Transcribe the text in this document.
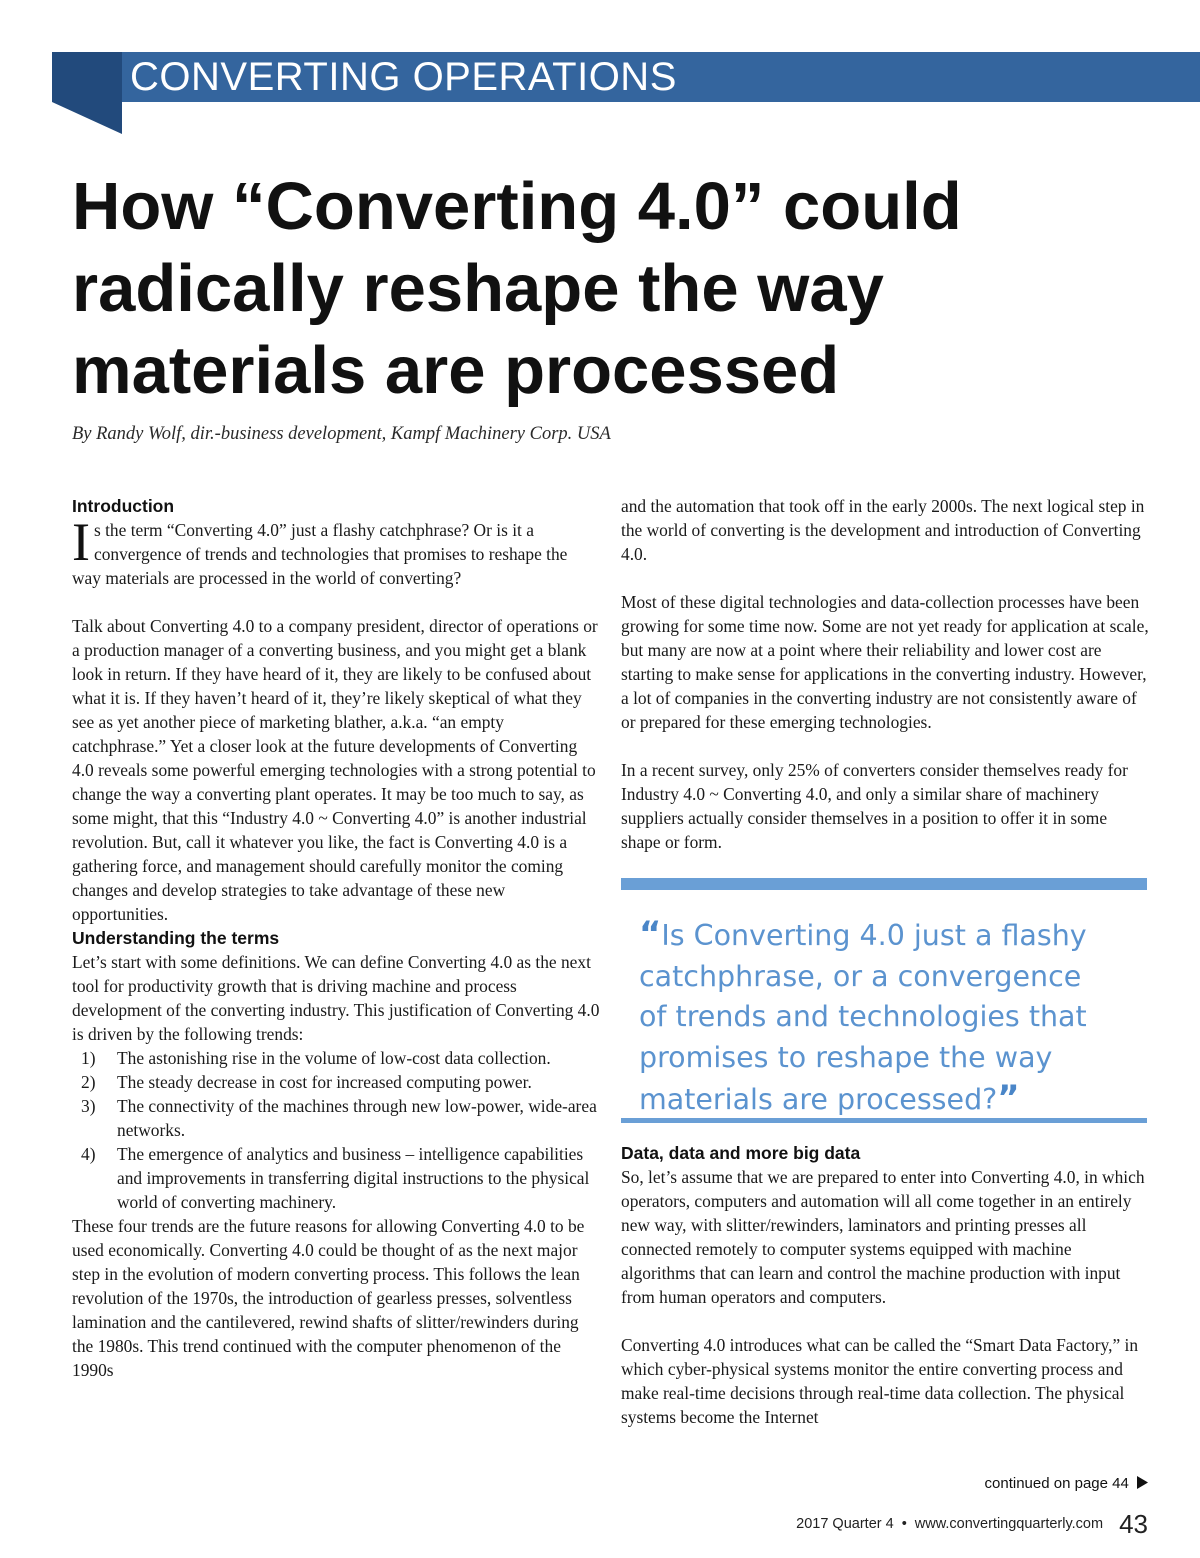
CONVERTING OPERATIONS
How “Converting 4.0” could radically reshape the way materials are processed

By Randy Wolf, dir.-business development, Kampf Machinery Corp. USA

Introduction

Is the term “Converting 4.0” just a flashy catchphrase? Or is it a convergence of trends and technologies that promises to reshape the way materials are processed in the world of converting?

Talk about Converting 4.0 to a company president, director of operations or a production manager of a converting business, and you might get a blank look in return. If they have heard of it, they are likely to be confused about what it is. If they haven’t heard of it, they’re likely skeptical of what they see as yet another piece of marketing blather, a.k.a. “an empty catchphrase.” Yet a closer look at the future developments of Converting 4.0 reveals some powerful emerging technologies with a strong potential to change the way a converting plant operates. It may be too much to say, as some might, that this “Industry 4.0 ~ Converting 4.0” is another industrial revolution. But, call it whatever you like, the fact is Converting 4.0 is a gathering force, and management should carefully monitor the coming changes and develop strategies to take advantage of these new opportunities.

Understanding the terms

Let’s start with some definitions. We can define Converting 4.0 as the next tool for productivity growth that is driving machine and process development of the converting industry. This justification of Converting 4.0 is driven by the following trends:

1) The astonishing rise in the volume of low-cost data collection.
2) The steady decrease in cost for increased computing power.
3) The connectivity of the machines through new low-power, wide-area networks.
4) The emergence of analytics and business – intelligence capabilities and improvements in transferring digital instructions to the physical world of converting machinery.

These four trends are the future reasons for allowing Converting 4.0 to be used economically. Converting 4.0 could be thought of as the next major step in the evolution of modern converting process. This follows the lean revolution of the 1970s, the introduction of gearless presses, solventless lamination and the cantilevered, rewind shafts of slitter/rewinders during the 1980s. This trend continued with the computer phenomenon of the 1990s

and the automation that took off in the early 2000s. The next logical step in the world of converting is the development and introduction of Converting 4.0.

Most of these digital technologies and data-collection processes have been growing for some time now. Some are not yet ready for application at scale, but many are now at a point where their reliability and lower cost are starting to make sense for applications in the converting industry. However, a lot of companies in the converting industry are not consistently aware of or prepared for these emerging technologies.

In a recent survey, only 25% of converters consider themselves ready for Industry 4.0 ~ Converting 4.0, and only a similar share of machinery suppliers actually consider themselves in a position to offer it in some shape or form.

“Is Converting 4.0 just a flashy catchphrase, or a convergence of trends and technologies that promises to reshape the way materials are processed?”

Data, data and more big data

So, let’s assume that we are prepared to enter into Converting 4.0, in which operators, computers and automation will all come together in an entirely new way, with slitter/rewinders, laminators and printing presses all connected remotely to computer systems equipped with machine algorithms that can learn and control the machine production with input from human operators and computers.

Converting 4.0 introduces what can be called the “Smart Data Factory,” in which cyber-physical systems monitor the entire converting process and make real-time decisions through real-time data collection. The physical systems become the Internet

continued on page 44
2017 Quarter 4 • www.convertingquarterly.com 43
